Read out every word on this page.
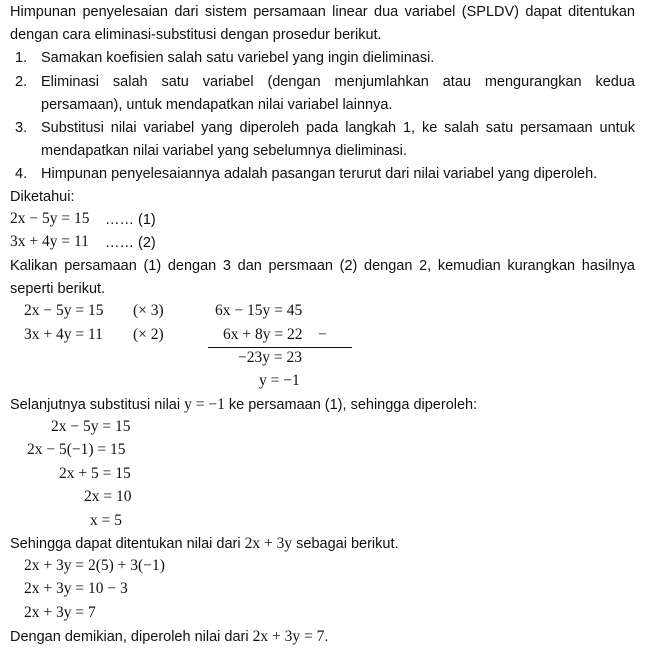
Himpunan penyelesaian dari sistem persamaan linear dua variabel (SPLDV) dapat ditentukan
dengan cara eliminasi-substitusi dengan prosedur berikut.
1. Samakan koefisien salah satu variebel yang ingin dieliminasi.
2. Eliminasi salah satu variabel (dengan menjumlahkan atau mengurangkan kedua
persamaan), untuk mendapatkan nilai variabel lainnya.
3. Substitusi nilai variabel yang diperoleh pada langkah 1, ke salah satu persamaan untuk
mendapatkan nilai variabel yang sebelumnya dieliminasi.
4. Himpunan penyelesaiannya adalah pasangan terurut dari nilai variabel yang diperoleh.
Diketahui:
2x − 5y = 15 …… (1)
3x + 4y = 11 …… (2)
Kalikan persamaan (1) dengan 3 dan persmaan (2) dengan 2, kemudian kurangkan hasilnya
seperti berikut.
2x − 5y = 15 (× 3)	6x − 15y = 45
3x + 4y = 11 (× 2)	6x + 8y = 22 −
−23y = 23
y = −1
Selanjutnya substitusi nilai y = −1 ke persamaan (1), sehingga diperoleh:
2x − 5y = 15
2x − 5(−1) = 15
2x + 5 = 15
2x = 10
x = 5
Sehingga dapat ditentukan nilai dari 2x + 3y sebagai berikut.
2x + 3y = 2(5) + 3(−1)
2x + 3y = 10 − 3
2x + 3y = 7
Dengan demikian, diperoleh nilai dari 2x + 3y = 7.
